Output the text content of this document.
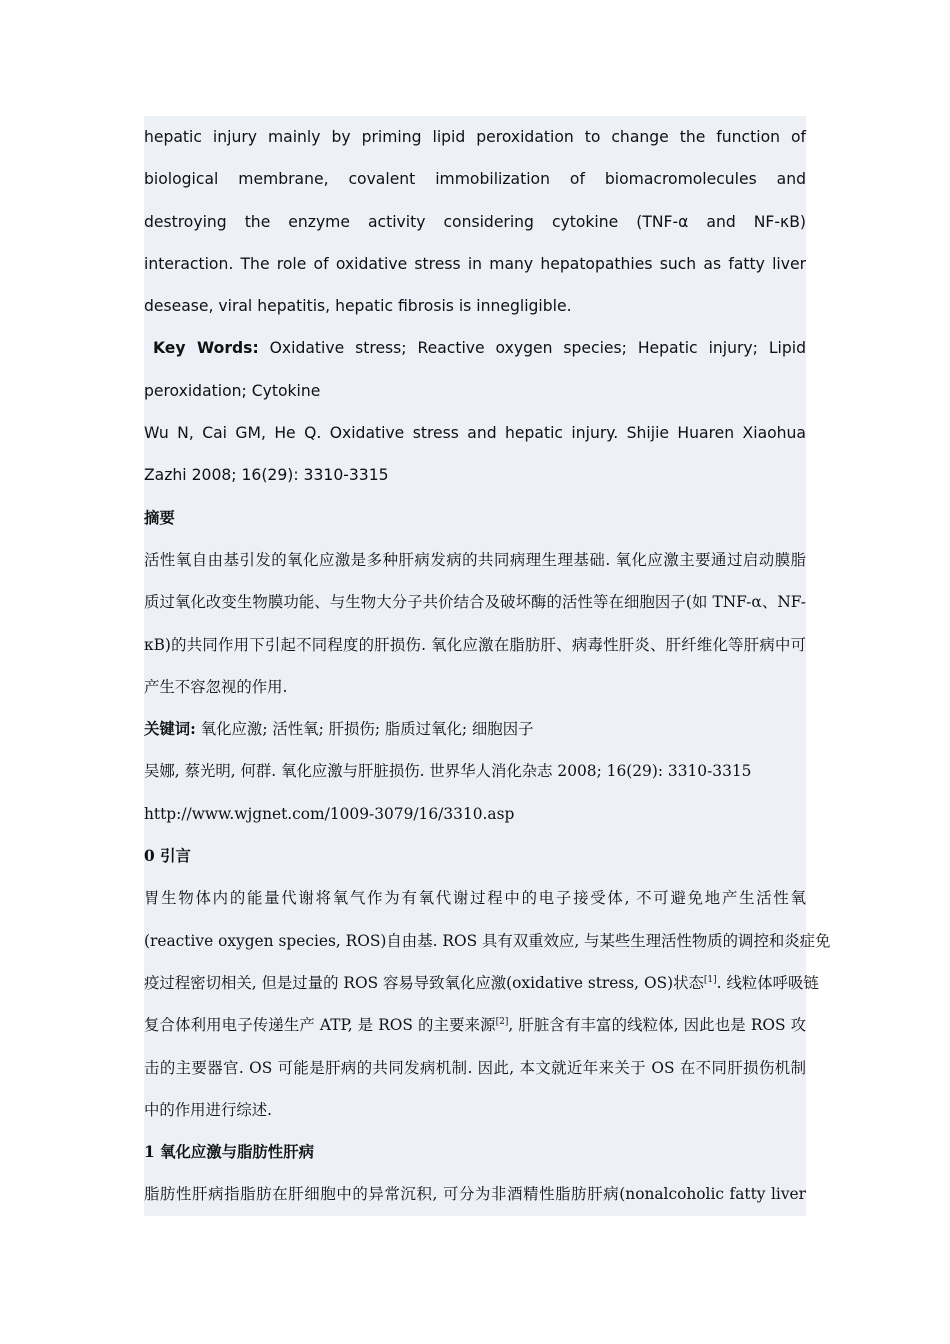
hepatic injury mainly by priming lipid peroxidation to change the function of
biological membrane, covalent immobilization of biomacromolecules and
destroying the enzyme activity considering cytokine (TNF-α and NF-κB)
interaction. The role of oxidative stress in many hepatopathies such as fatty liver
desease, viral hepatitis, hepatic fibrosis is innegligible.
Key Words: Oxidative stress; Reactive oxygen species; Hepatic injury; Lipid
peroxidation; Cytokine
Wu N, Cai GM, He Q. Oxidative stress and hepatic injury. Shijie Huaren Xiaohua
Zazhi 2008; 16(29): 3310-3315
摘要
活性氧自由基引发的氧化应激是多种肝病发病的共同病理生理基础. 氧化应激主要通过启动膜脂
质过氧化改变生物膜功能、与生物大分子共价结合及破坏酶的活性等在细胞因子(如 TNF-α、NF-
κB)的共同作用下引起不同程度的肝损伤. 氧化应激在脂肪肝、病毒性肝炎、肝纤维化等肝病中可
产生不容忽视的作用.
关键词: 氧化应激; 活性氧; 肝损伤; 脂质过氧化; 细胞因子
吴娜, 蔡光明, 何群. 氧化应激与肝脏损伤. 世界华人消化杂志 2008; 16(29): 3310-3315
http://www.wjgnet.com/1009-3079/16/3310.asp
0 引言
胃生物体内的能量代谢将氧气作为有氧代谢过程中的电子接受体, 不可避免地产生活性氧
(reactive oxygen species, ROS)自由基. ROS 具有双重效应, 与某些生理活性物质的调控和炎症免
疫过程密切相关, 但是过量的 ROS 容易导致氧化应激(oxidative stress, OS)状态[1]. 线粒体呼吸链
复合体利用电子传递生产 ATP, 是 ROS 的主要来源[2], 肝脏含有丰富的线粒体, 因此也是 ROS 攻
击的主要器官. OS 可能是肝病的共同发病机制. 因此, 本文就近年来关于 OS 在不同肝损伤机制
中的作用进行综述.
1 氧化应激与脂肪性肝病
脂肪性肝病指脂肪在肝细胞中的异常沉积, 可分为非酒精性脂肪肝病(nonalcoholic fatty liver
